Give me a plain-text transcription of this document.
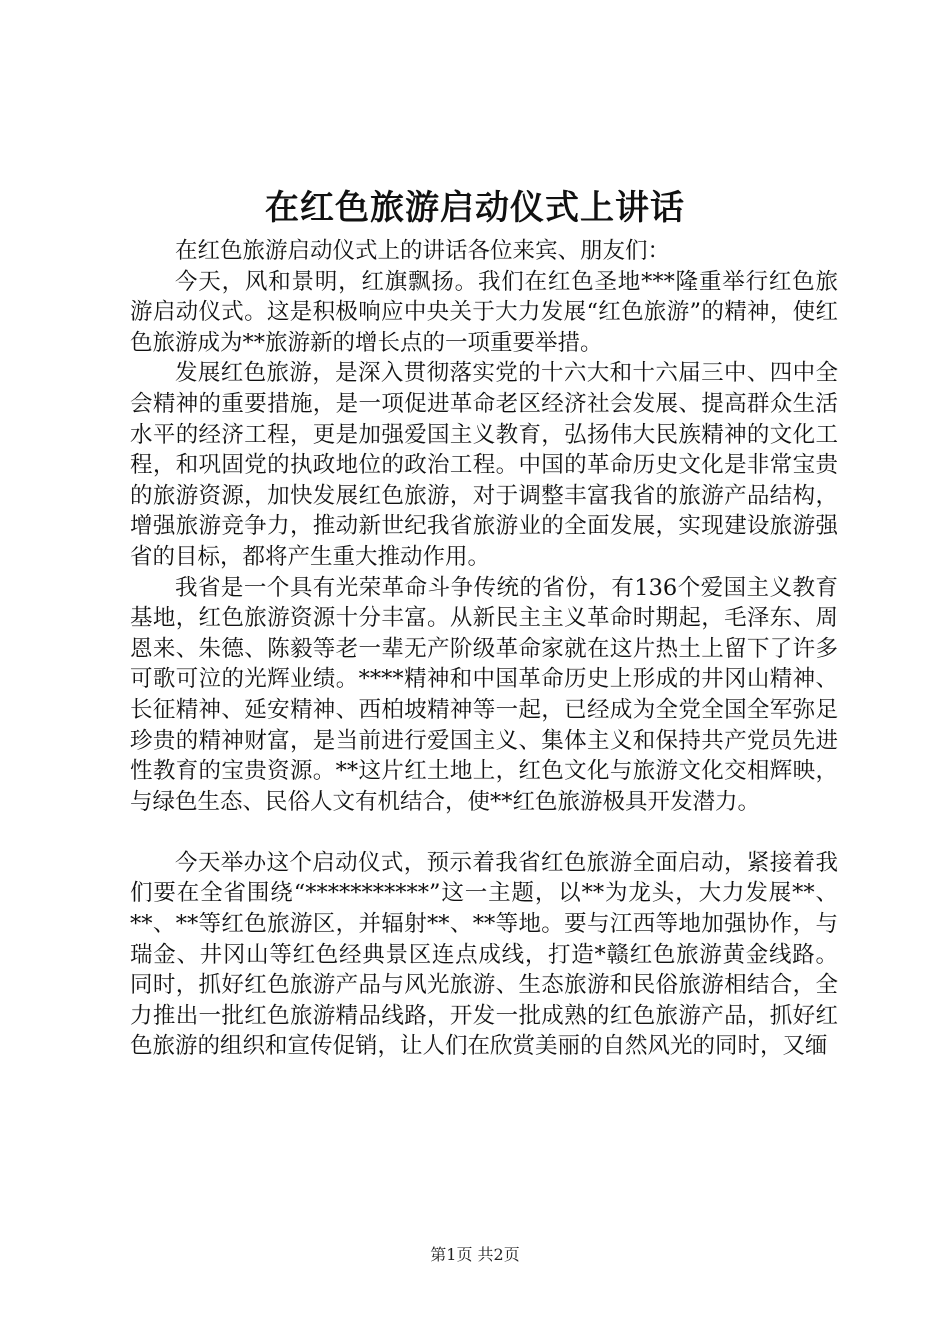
在红色旅游启动仪式上讲话

在红色旅游启动仪式上的讲话各位来宾、朋友们：

今天，风和景明，红旗飘扬。我们在红色圣地***隆重举行红色旅游启动仪式。这是积极响应中央关于大力发展“红色旅游”的精神，使红色旅游成为**旅游新的增长点的一项重要举措。

发展红色旅游，是深入贯彻落实党的十六大和十六届三中、四中全会精神的重要措施，是一项促进革命老区经济社会发展、提高群众生活水平的经济工程，更是加强爱国主义教育，弘扬伟大民族精神的文化工程，和巩固党的执政地位的政治工程。中国的革命历史文化是非常宝贵的旅游资源，加快发展红色旅游，对于调整丰富我省的旅游产品结构，增强旅游竞争力，推动新世纪我省旅游业的全面发展，实现建设旅游强省的目标，都将产生重大推动作用。

我省是一个具有光荣革命斗争传统的省份，有136个爱国主义教育基地，红色旅游资源十分丰富。从新民主主义革命时期起，毛泽东、周恩来、朱德、陈毅等老一辈无产阶级革命家就在这片热土上留下了许多可歌可泣的光辉业绩。****精神和中国革命历史上形成的井冈山精神、长征精神、延安精神、西柏坡精神等一起，已经成为全党全国全军弥足珍贵的精神财富，是当前进行爱国主义、集体主义和保持共产党员先进性教育的宝贵资源。**这片红土地上，红色文化与旅游文化交相辉映，与绿色生态、民俗人文有机结合，使**红色旅游极具开发潜力。

今天举办这个启动仪式，预示着我省红色旅游全面启动，紧接着我们要在全省围绕“***********”这一主题，以**为龙头，大力发展**、**、**等红色旅游区，并辐射**、**等地。要与江西等地加强协作，与瑞金、井冈山等红色经典景区连点成线，打造*赣红色旅游黄金线路。同时，抓好红色旅游产品与风光旅游、生态旅游和民俗旅游相结合，全力推出一批红色旅游精品线路，开发一批成熟的红色旅游产品，抓好红色旅游的组织和宣传促销，让人们在欣赏美丽的自然风光的同时，又缅

第1页 共2页
